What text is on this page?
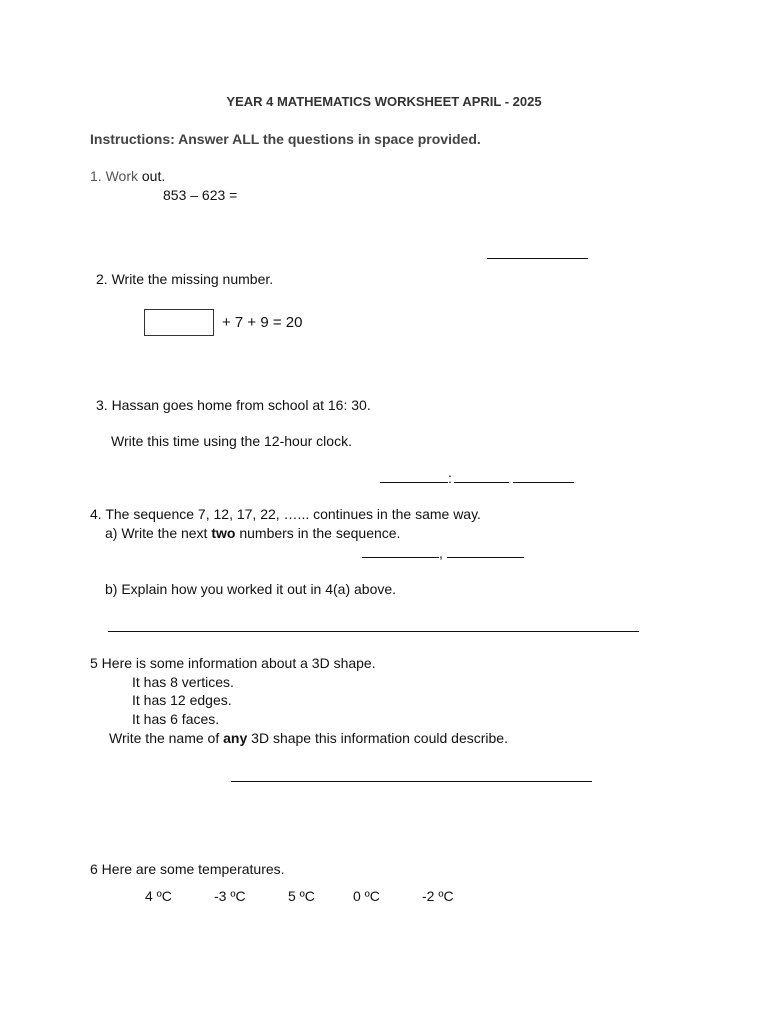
YEAR 4 MATHEMATICS WORKSHEET APRIL - 2025
Instructions: Answer ALL the questions in space provided.
1. Work out.
853 – 623 =
2. Write the missing number.
+ 7 + 9 = 20
3. Hassan goes home from school at 16: 30.
Write this time using the 12-hour clock.
:
4. The sequence 7, 12, 17, 22, …... continues in the same way.
a) Write the next two numbers in the sequence.
,
b) Explain how you worked it out in 4(a) above.
5 Here is some information about a 3D shape.
It has 8 vertices.
It has 12 edges.
It has 6 faces.
Write the name of any 3D shape this information could describe.
6 Here are some temperatures.
4 ºC	-3 ºC	5 ºC	0 ºC	-2 ºC
